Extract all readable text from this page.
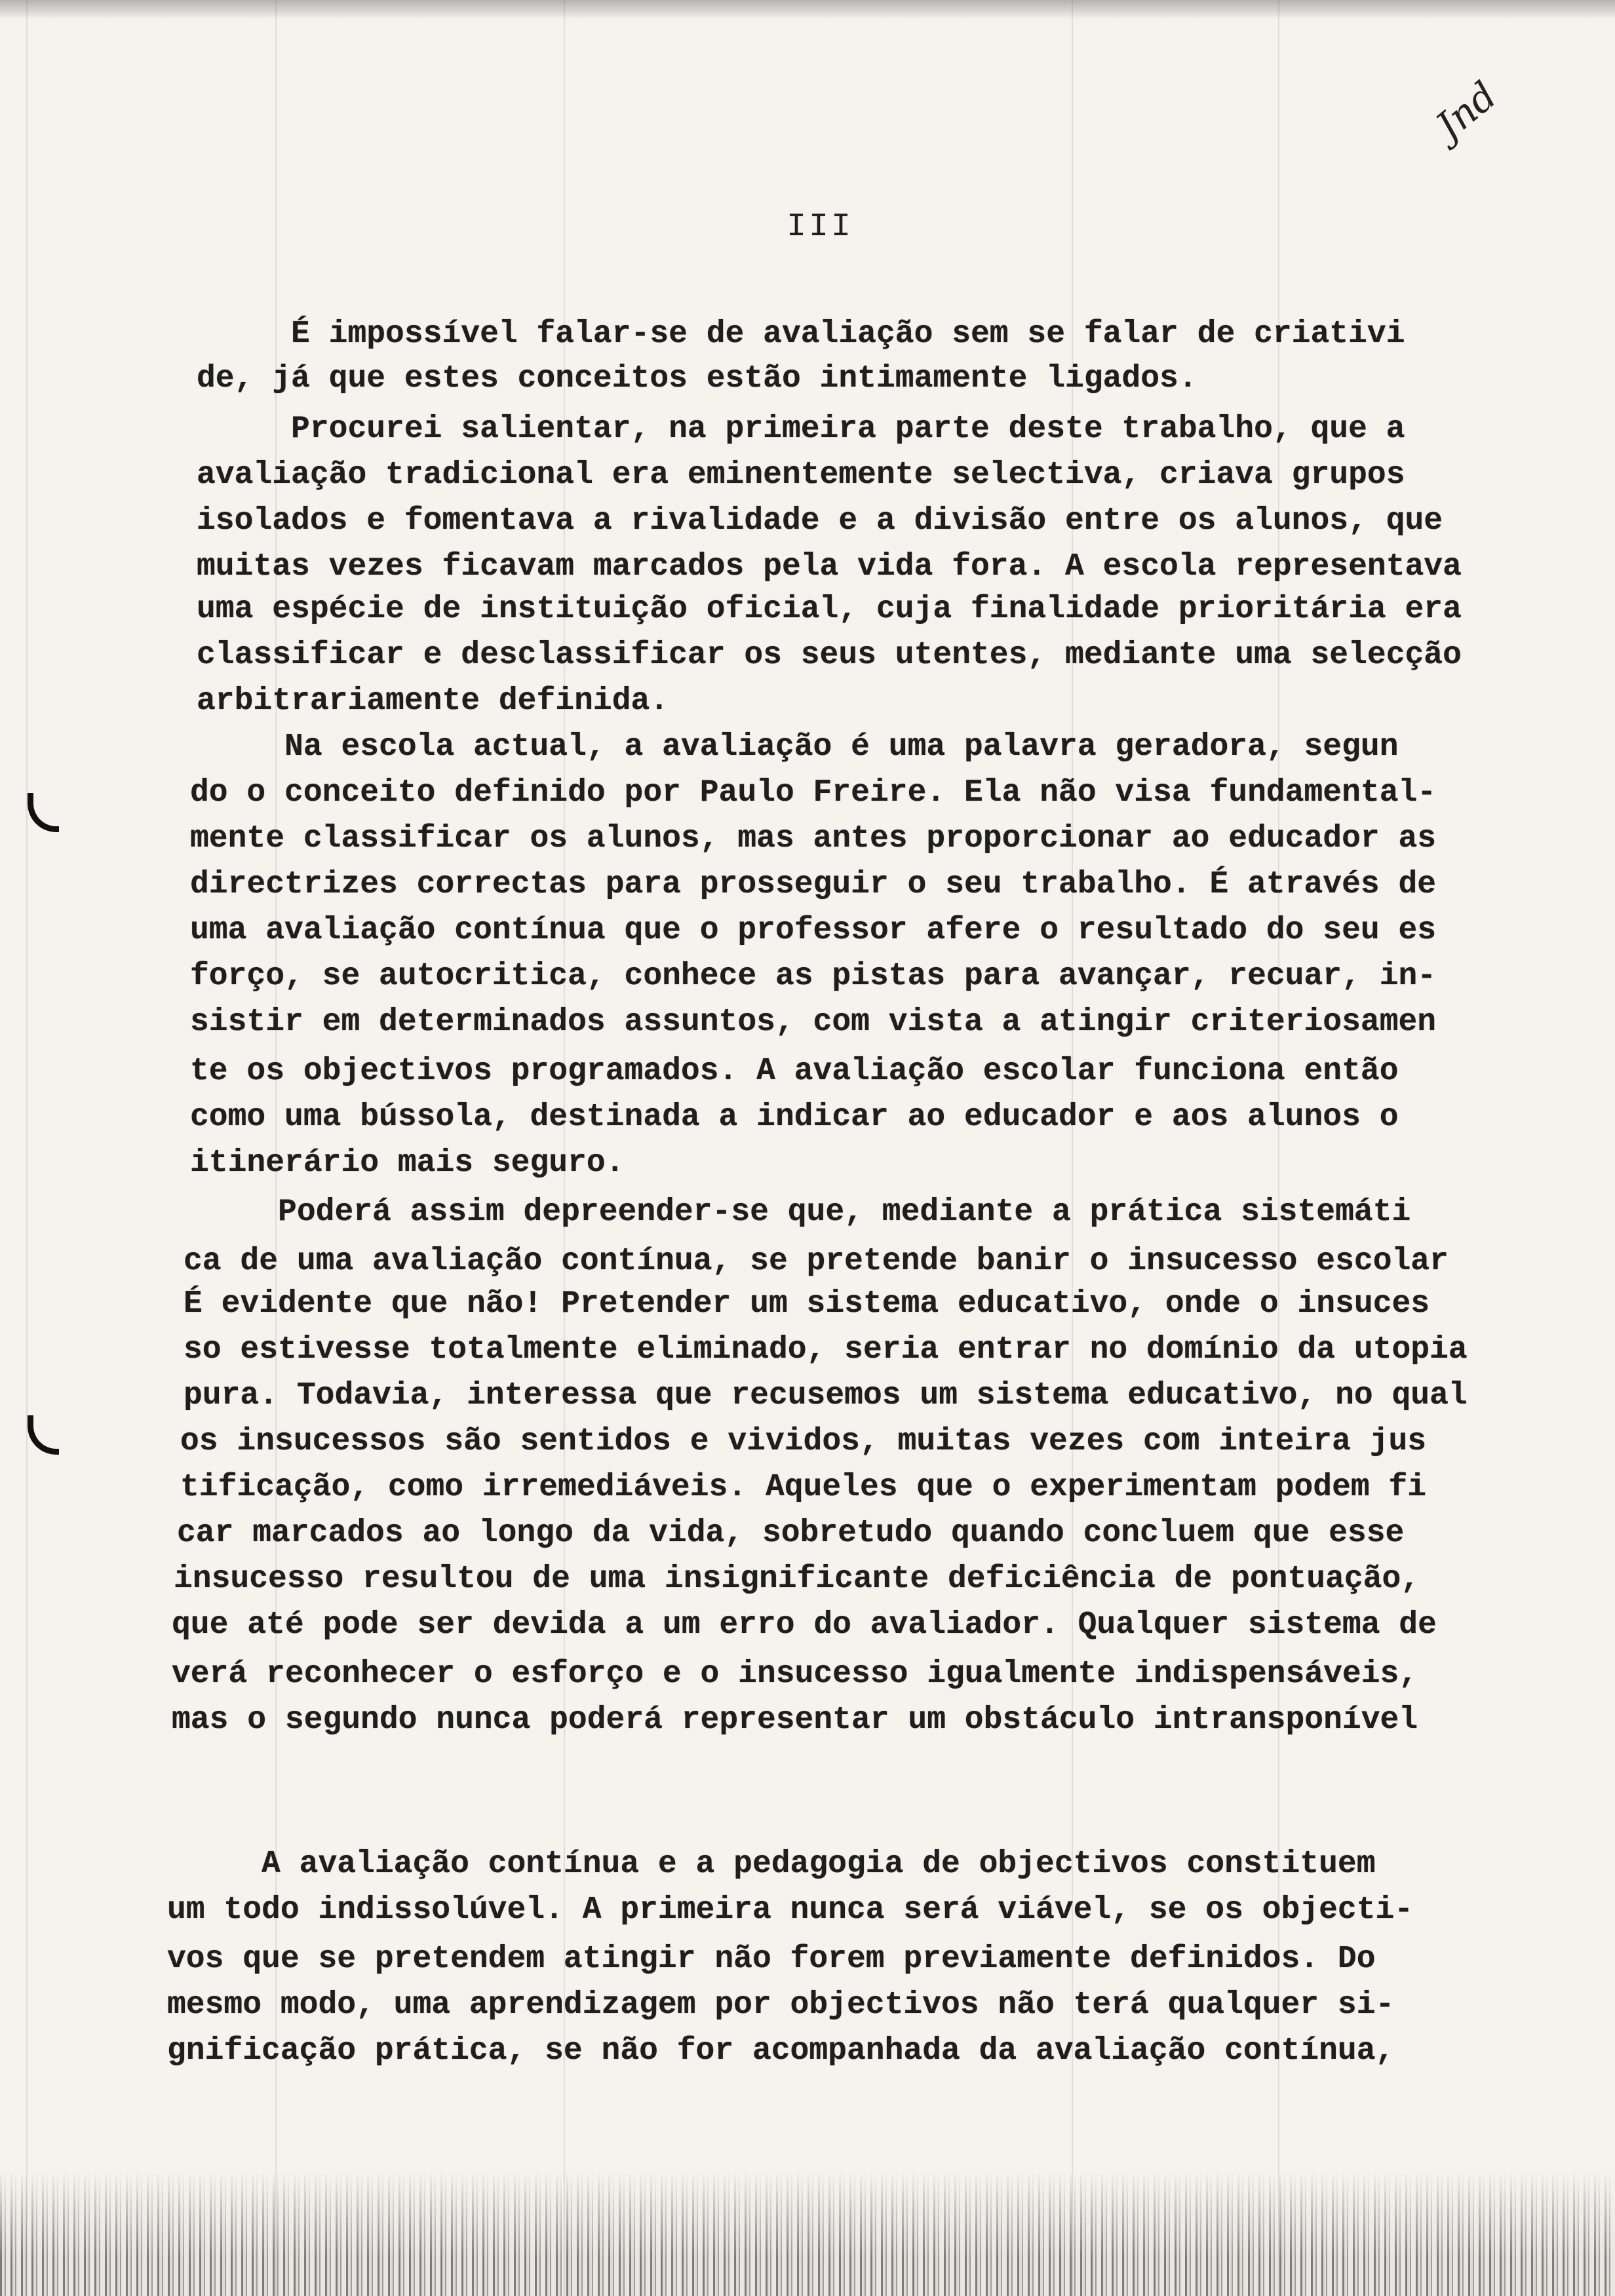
Jnd
III
É impossível falar-se de avaliação sem se falar de criativi
de, já que estes conceitos estão intimamente ligados.
Procurei salientar, na primeira parte deste trabalho, que a
avaliação tradicional era eminentemente selectiva, criava grupos
isolados e fomentava a rivalidade e a divisão entre os alunos, que
muitas vezes ficavam marcados pela vida fora. A escola representava
uma espécie de instituição oficial, cuja finalidade prioritária era
classificar e desclassificar os seus utentes, mediante uma selecção
arbitrariamente definida.
Na escola actual, a avaliação é uma palavra geradora, segun
do o conceito definido por Paulo Freire. Ela não visa fundamental-
mente classificar os alunos, mas antes proporcionar ao educador as
directrizes correctas para prosseguir o seu trabalho. É através de
uma avaliação contínua que o professor afere o resultado do seu es
forço, se autocritica, conhece as pistas para avançar, recuar, in-
sistir em determinados assuntos, com vista a atingir criteriosamen
te os objectivos programados. A avaliação escolar funciona então
como uma bússola, destinada a indicar ao educador e aos alunos o
itinerário mais seguro.
Poderá assim depreender-se que, mediante a prática sistemáti
ca de uma avaliação contínua, se pretende banir o insucesso escolar
É evidente que não! Pretender um sistema educativo, onde o insuces
so estivesse totalmente eliminado, seria entrar no domínio da utopia
pura. Todavia, interessa que recusemos um sistema educativo, no qual
os insucessos são sentidos e vividos, muitas vezes com inteira jus
tificação, como irremediáveis. Aqueles que o experimentam podem fi
car marcados ao longo da vida, sobretudo quando concluem que esse
insucesso resultou de uma insignificante deficiência de pontuação,
que até pode ser devida a um erro do avaliador. Qualquer sistema de
verá reconhecer o esforço e o insucesso igualmente indispensáveis,
mas o segundo nunca poderá representar um obstáculo intransponível
A avaliação contínua e a pedagogia de objectivos constituem
um todo indissolúvel. A primeira nunca será viável, se os objecti-
vos que se pretendem atingir não forem previamente definidos. Do
mesmo modo, uma aprendizagem por objectivos não terá qualquer si-
gnificação prática, se não for acompanhada da avaliação contínua,
